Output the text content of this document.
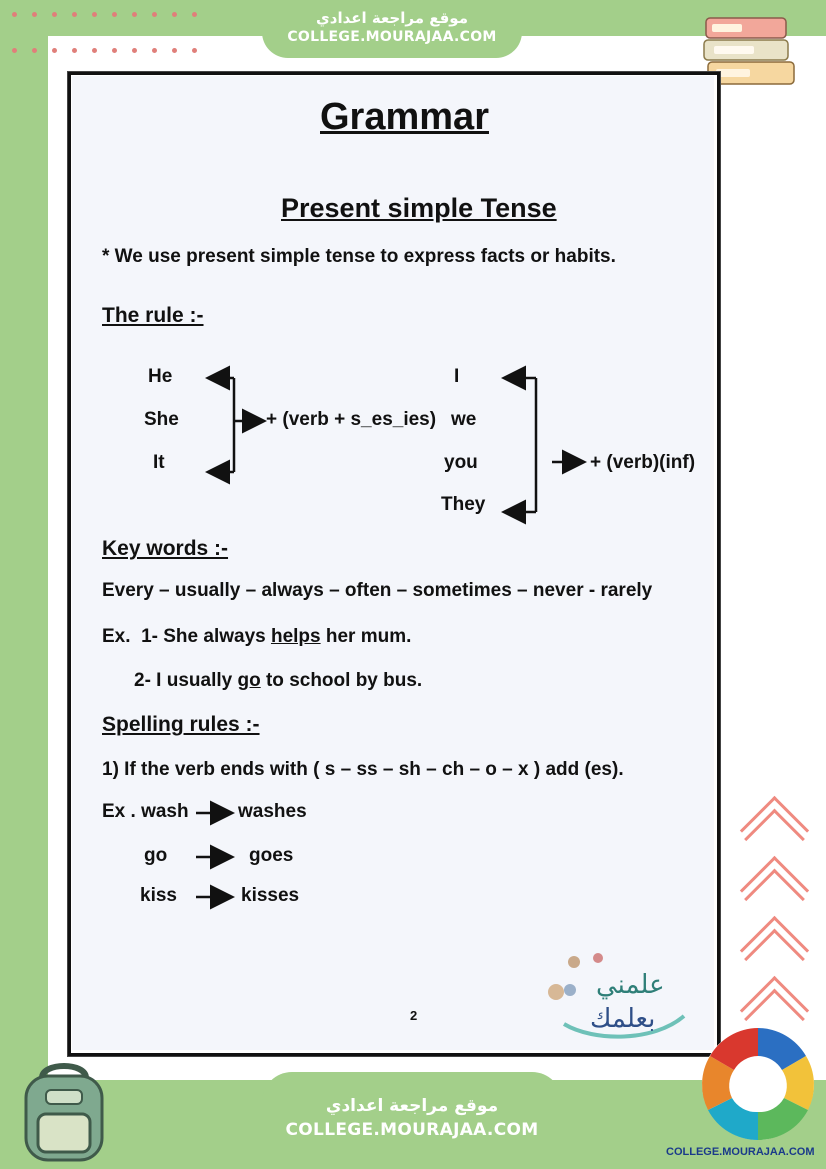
موقع مراجعة اعدادي
COLLEGE.MOURAJAA.COM
Grammar
Present simple Tense
* We use present simple tense to express facts or habits.
The rule :-
He
She
It
+ (verb + s_es_ies)
I
we
you
They
+ (verb)(inf)
Key words :-
Every – usually – always – often – sometimes – never - rarely
Ex.  1- She always helps her mum.
2- I usually go to school by bus.
Spelling rules :-
1) If the verb ends with ( s – ss – sh – ch – o – x ) add (es).
Ex . wash	washes
go	goes
kiss	kisses
علمني
بعلمك
2
موقع مراجعة اعدادي
COLLEGE.MOURAJAA.COM
COLLEGE.MOURAJAA.COM
